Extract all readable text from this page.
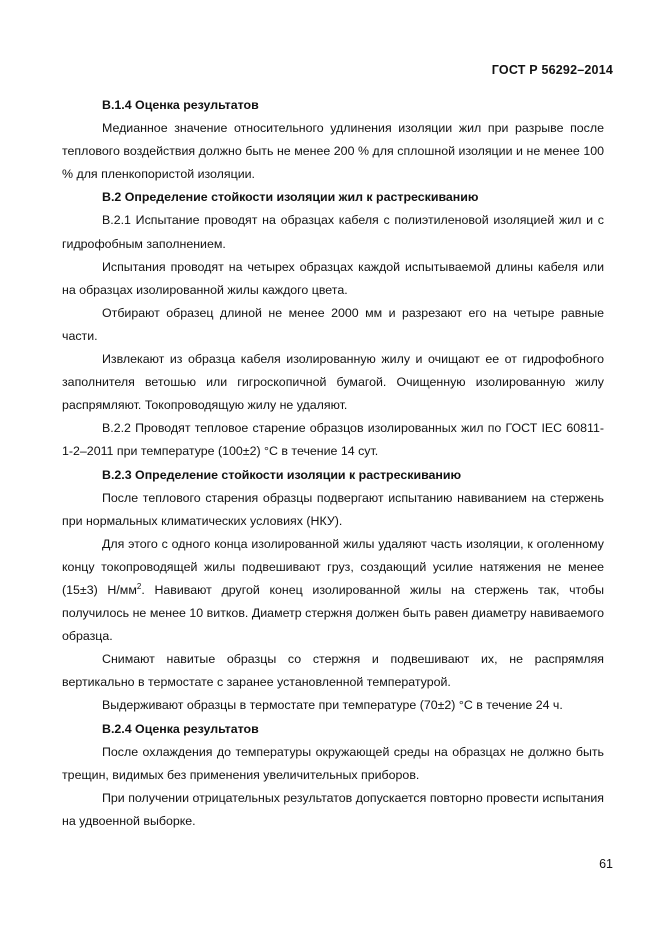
ГОСТ Р 56292–2014

В.1.4 Оценка результатов

Медианное значение относительного удлинения изоляции жил при разрыве после теплового воздействия должно быть не менее 200 % для сплошной изоляции и не менее 100 % для пленкопористой изоляции.

В.2 Определение стойкости изоляции жил к растрескиванию

В.2.1 Испытание проводят на образцах кабеля с полиэтиленовой изоляцией жил и с гидрофобным заполнением.

Испытания проводят на четырех образцах каждой испытываемой длины кабеля или на образцах изолированной жилы каждого цвета.

Отбирают образец длиной не менее 2000 мм и разрезают его на четыре равные части.

Извлекают из образца кабеля изолированную жилу и очищают ее от гидрофобного заполнителя ветошью или гигроскопичной бумагой. Очищенную изолированную жилу распрямляют. Токопроводящую жилу не удаляют.

В.2.2 Проводят тепловое старение образцов изолированных жил по ГОСТ IEC 60811-1-2–2011 при температуре (100±2) °С в течение 14 сут.

В.2.3 Определение стойкости изоляции к растрескиванию

После теплового старения образцы подвергают испытанию навиванием на стержень при нормальных климатических условиях (НКУ).

Для этого с одного конца изолированной жилы удаляют часть изоляции, к оголенному концу токопроводящей жилы подвешивают груз, создающий усилие натяжения не менее (15±3) $Н/мм^2$. Навивают другой конец изолированной жилы на стержень так, чтобы получилось не менее 10 витков. Диаметр стержня должен быть равен диаметру навиваемого образца.

Снимают навитые образцы со стержня и подвешивают их, не распрямляя вертикально в термостате с заранее установленной температурой.

Выдерживают образцы в термостате при температуре (70±2) °С в течение 24 ч.

В.2.4 Оценка результатов

После охлаждения до температуры окружающей среды на образцах не должно быть трещин, видимых без применения увеличительных приборов.

При получении отрицательных результатов допускается повторно провести испытания на удвоенной выборке.

61
